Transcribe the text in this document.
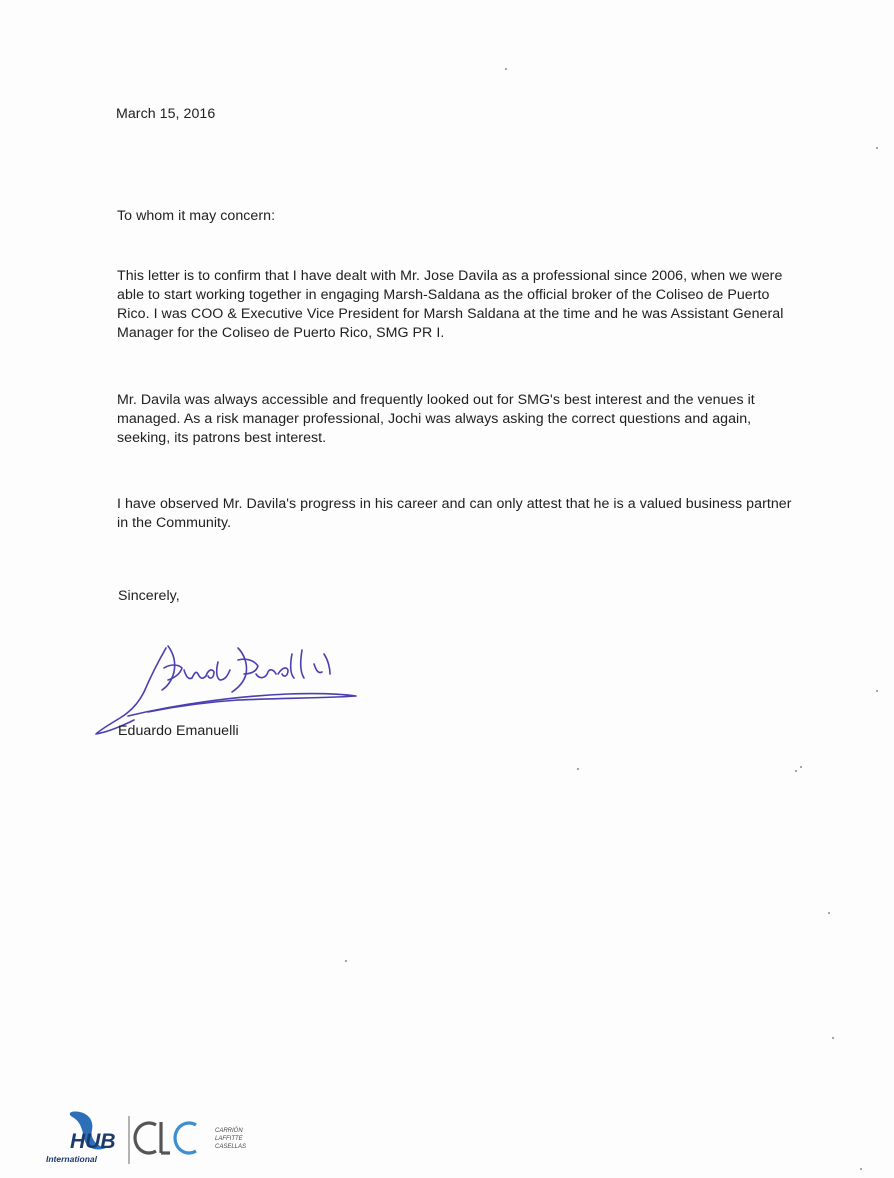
March 15, 2016
To whom it may concern:
This letter is to confirm that I have dealt with Mr. Jose Davila as a professional since 2006, when we were
able to start working together in engaging Marsh-Saldana as the official broker of the Coliseo de Puerto
Rico. I was COO & Executive Vice President for Marsh Saldana at the time and he was Assistant General
Manager for the Coliseo de Puerto Rico, SMG PR I.
Mr. Davila was always accessible and frequently looked out for SMG's best interest and the venues it
managed. As a risk manager professional, Jochi was always asking the correct questions and again,
seeking, its patrons best interest.
I have observed Mr. Davila's progress in his career and can only attest that he is a valued business partner
in the Community.
Sincerely,
Eduardo Emanuelli
HUB
International
CARRIÓN
LAFFITTE
CASELLAS
